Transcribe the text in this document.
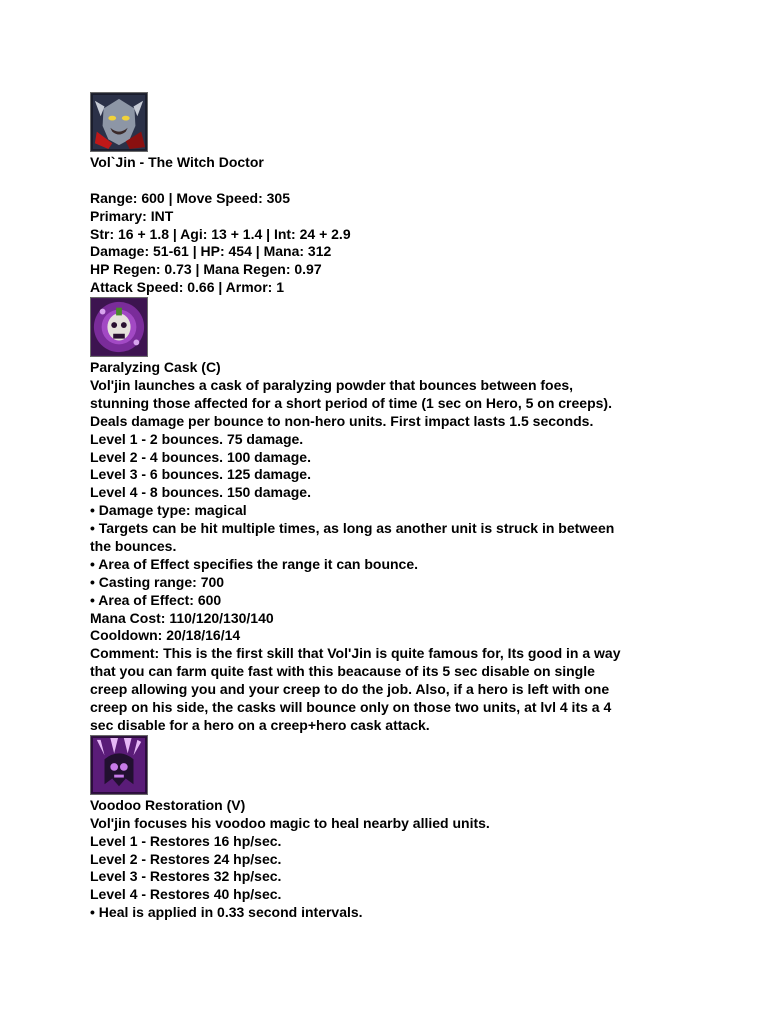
Vol`Jin - The Witch Doctor
Range: 600 | Move Speed: 305
Primary: INT
Str: 16 + 1.8 | Agi: 13 + 1.4 | Int: 24 + 2.9
Damage: 51-61 | HP: 454 | Mana: 312
HP Regen: 0.73 | Mana Regen: 0.97
Attack Speed: 0.66 | Armor: 1
Paralyzing Cask (C)
Vol'jin launches a cask of paralyzing powder that bounces between foes,
stunning those affected for a short period of time (1 sec on Hero, 5 on creeps).
Deals damage per bounce to non-hero units. First impact lasts 1.5 seconds.
Level 1 - 2 bounces. 75 damage.
Level 2 - 4 bounces. 100 damage.
Level 3 - 6 bounces. 125 damage.
Level 4 - 8 bounces. 150 damage.
• Damage type: magical
• Targets can be hit multiple times, as long as another unit is struck in between
the bounces.
• Area of Effect specifies the range it can bounce.
• Casting range: 700
• Area of Effect: 600
Mana Cost: 110/120/130/140
Cooldown: 20/18/16/14
Comment: This is the first skill that Vol'Jin is quite famous for, Its good in a way
that you can farm quite fast with this beacause of its 5 sec disable on single
creep allowing you and your creep to do the job. Also, if a hero is left with one
creep on his side, the casks will bounce only on those two units, at lvl 4 its a 4
sec disable for a hero on a creep+hero cask attack.
Voodoo Restoration (V)
Vol'jin focuses his voodoo magic to heal nearby allied units.
Level 1 - Restores 16 hp/sec.
Level 2 - Restores 24 hp/sec.
Level 3 - Restores 32 hp/sec.
Level 4 - Restores 40 hp/sec.
• Heal is applied in 0.33 second intervals.
